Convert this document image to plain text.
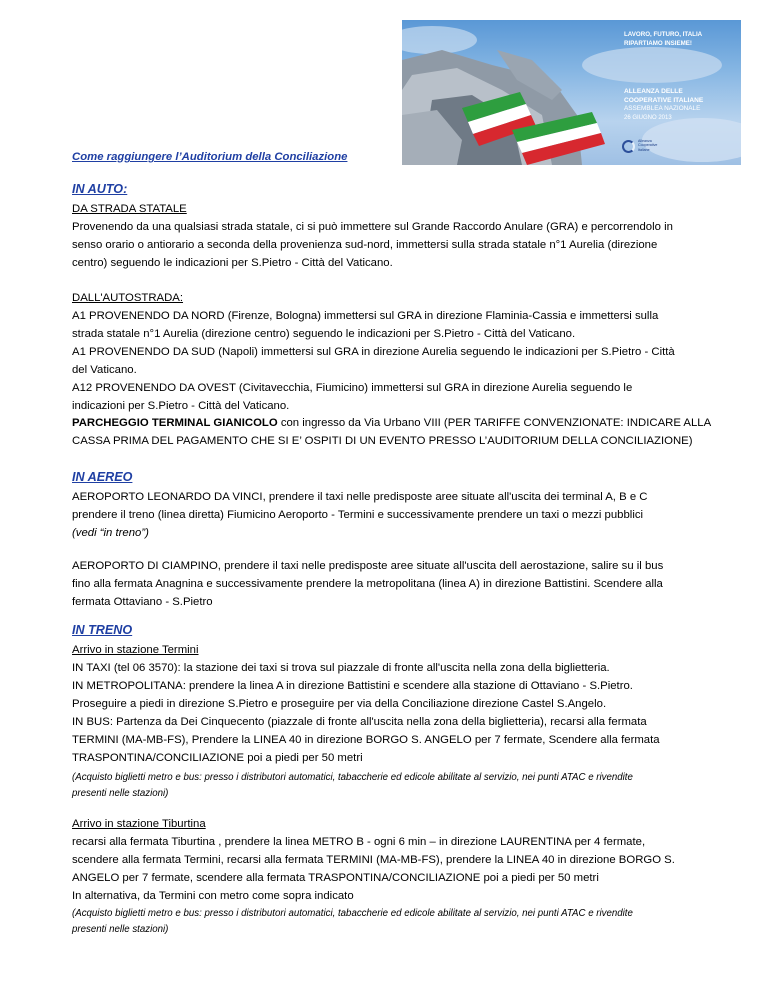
LAVORO, FUTURO, ITALIA
RIPARTIAMO INSIEME!
ALLEANZA DELLE
COOPERATIVE ITALIANE
ASSEMBLEA NAZIONALE
26 GIUGNO 2013
Alleanza
Cooperative
Italiane
Come raggiungere l’Auditorium della Conciliazione
IN AUTO:
DA STRADA STATALE
Provenendo da una qualsiasi strada statale, ci si può immettere sul Grande Raccordo Anulare (GRA) e percorrendolo in
senso orario o antiorario a seconda della provenienza sud-nord, immettersi sulla strada statale n°1 Aurelia (direzione
centro) seguendo le indicazioni per S.Pietro - Città del Vaticano.
DALL'AUTOSTRADA:
A1 PROVENENDO DA NORD (Firenze, Bologna) immettersi sul GRA in direzione Flaminia-Cassia e immettersi sulla
strada statale n°1 Aurelia (direzione centro) seguendo le indicazioni per S.Pietro - Città del Vaticano.
A1 PROVENENDO DA SUD (Napoli) immettersi sul GRA in direzione Aurelia seguendo le indicazioni per S.Pietro - Città
del Vaticano.
A12 PROVENENDO DA OVEST (Civitavecchia, Fiumicino) immettersi sul GRA in direzione Aurelia seguendo le
indicazioni per S.Pietro - Città del Vaticano.
PARCHEGGIO TERMINAL GIANICOLO con ingresso da Via Urbano VIII (PER TARIFFE CONVENZIONATE: INDICARE ALLA
CASSA PRIMA DEL PAGAMENTO CHE SI E’ OSPITI DI UN EVENTO PRESSO L’AUDITORIUM DELLA CONCILIAZIONE)
IN AEREO
AEROPORTO LEONARDO DA VINCI, prendere il taxi nelle predisposte aree situate all'uscita dei terminal A, B e C
prendere il treno (linea diretta) Fiumicino Aeroporto - Termini e successivamente prendere un taxi o mezzi pubblici
(vedi “in treno”)
AEROPORTO DI CIAMPINO, prendere il taxi nelle predisposte aree situate all'uscita dell aerostazione, salire su il bus
fino alla fermata Anagnina e successivamente prendere la metropolitana (linea A) in direzione Battistini. Scendere alla
fermata Ottaviano - S.Pietro
IN TRENO
Arrivo in stazione Termini
IN TAXI (tel 06 3570): la stazione dei taxi si trova sul piazzale di fronte all'uscita nella zona della biglietteria.
IN METROPOLITANA: prendere la linea A in direzione Battistini e scendere alla stazione di Ottaviano - S.Pietro.
Proseguire a piedi in direzione S.Pietro e proseguire per via della Conciliazione direzione Castel S.Angelo.
IN BUS: Partenza da Dei Cinquecento (piazzale di fronte all'uscita nella zona della biglietteria), recarsi alla fermata
TERMINI (MA-MB-FS), Prendere la LINEA 40 in direzione BORGO S. ANGELO per 7 fermate, Scendere alla fermata
TRASPONTINA/CONCILIAZIONE poi a piedi per 50 metri
(Acquisto biglietti metro e bus: presso i distributori automatici, tabaccherie ed edicole abilitate al servizio, nei punti ATAC e rivendite
presenti nelle stazioni)
Arrivo in stazione Tiburtina
recarsi alla fermata Tiburtina , prendere la linea METRO B - ogni 6 min – in direzione LAURENTINA per 4 fermate,
scendere alla fermata Termini, recarsi alla fermata TERMINI (MA-MB-FS), prendere la LINEA 40 in direzione BORGO S.
ANGELO per 7 fermate, scendere alla fermata TRASPONTINA/CONCILIAZIONE poi a piedi per 50 metri
In alternativa, da Termini con metro come sopra indicato
(Acquisto biglietti metro e bus: presso i distributori automatici, tabaccherie ed edicole abilitate al servizio, nei punti ATAC e rivendite
presenti nelle stazioni)
